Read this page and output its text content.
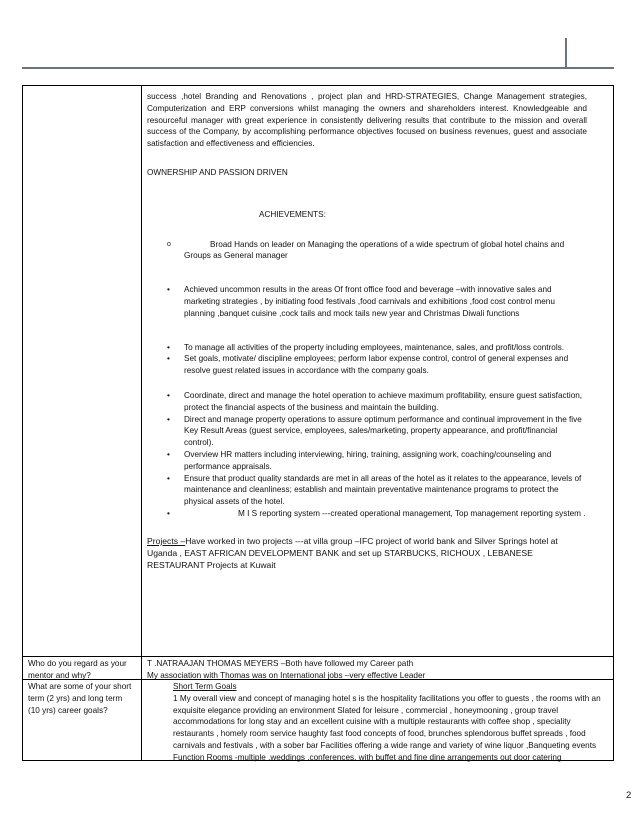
success ,hotel Branding and Renovations , project plan and HRD-STRATEGIES, Change Management strategies, Computerization and ERP conversions whilst managing the owners and shareholders interest. Knowledgeable and resourceful manager with great experience in consistently delivering results that contribute to the mission and overall success of the Company, by accomplishing performance objectives focused on business revenues, guest and associate satisfaction and effectiveness and efficiencies.

OWNERSHIP AND PASSION DRIVEN

ACHIEVEMENTS:

o	Broad Hands on leader on Managing the operations of a wide spectrum of global hotel chains and Groups as General manager
• Achieved uncommon results in the areas Of front office food and beverage –with innovative sales and marketing strategies , by initiating food festivals ,food carnivals and exhibitions ,food cost control menu planning ,banquet cuisine ,cock tails and mock tails new year and Christmas Diwali functions
• To manage all activities of the property including employees, maintenance, sales, and profit/loss controls.
• Set goals, motivate/ discipline employees; perform labor expense control, control of general expenses and resolve guest related issues in accordance with the company goals.
• Coordinate, direct and manage the hotel operation to achieve maximum profitability, ensure guest satisfaction, protect the financial aspects of the business and maintain the building.
• Direct and manage property operations to assure optimum performance and continual improvement in the five Key Result Areas (guest service, employees, sales/marketing, property appearance, and profit/financial control).
• Overview HR matters including interviewing, hiring, training, assigning work, coaching/counseling and performance appraisals.
• Ensure that product quality standards are met in all areas of the hotel as it relates to the appearance, levels of maintenance and cleanliness; establish and maintain preventative maintenance programs to protect the physical assets of the hotel.
•	M I S reporting system ---created operational management, Top management reporting system .

Projects –Have worked in two projects ---at villa group –IFC project of world bank and Silver Springs hotel at Uganda , EAST AFRICAN DEVELOPMENT BANK and set up STARBUCKS, RICHOUX , LEBANESE RESTAURANT Projects at Kuwait

Who do you regard as your mentor and why?

T .NATRAAJAN THOMAS MEYERS –Both have followed my Career path

My association with Thomas was on International jobs –very effective Leader

What are some of your short term (2 yrs) and long term (10 yrs) career goals?

Short Term Goals

1 My overall view and concept of managing hotel s is the hospitality facilitations you offer to guests , the rooms with an exquisite elegance providing an environment Slated for leisure , commercial , honeymooning , group travel accommodations for long stay and an excellent cuisine with a multiple restaurants with coffee shop , speciality restaurants , homely room service haughty fast food concepts of food, brunches splendorous buffet spreads , food carnivals and festivals , with a sober bar Facilities offering a wide range and variety of wine liquor ,Banqueting events Function Rooms -multiple ,weddings ,conferences, with buffet and fine dine arrangements out door catering

2
